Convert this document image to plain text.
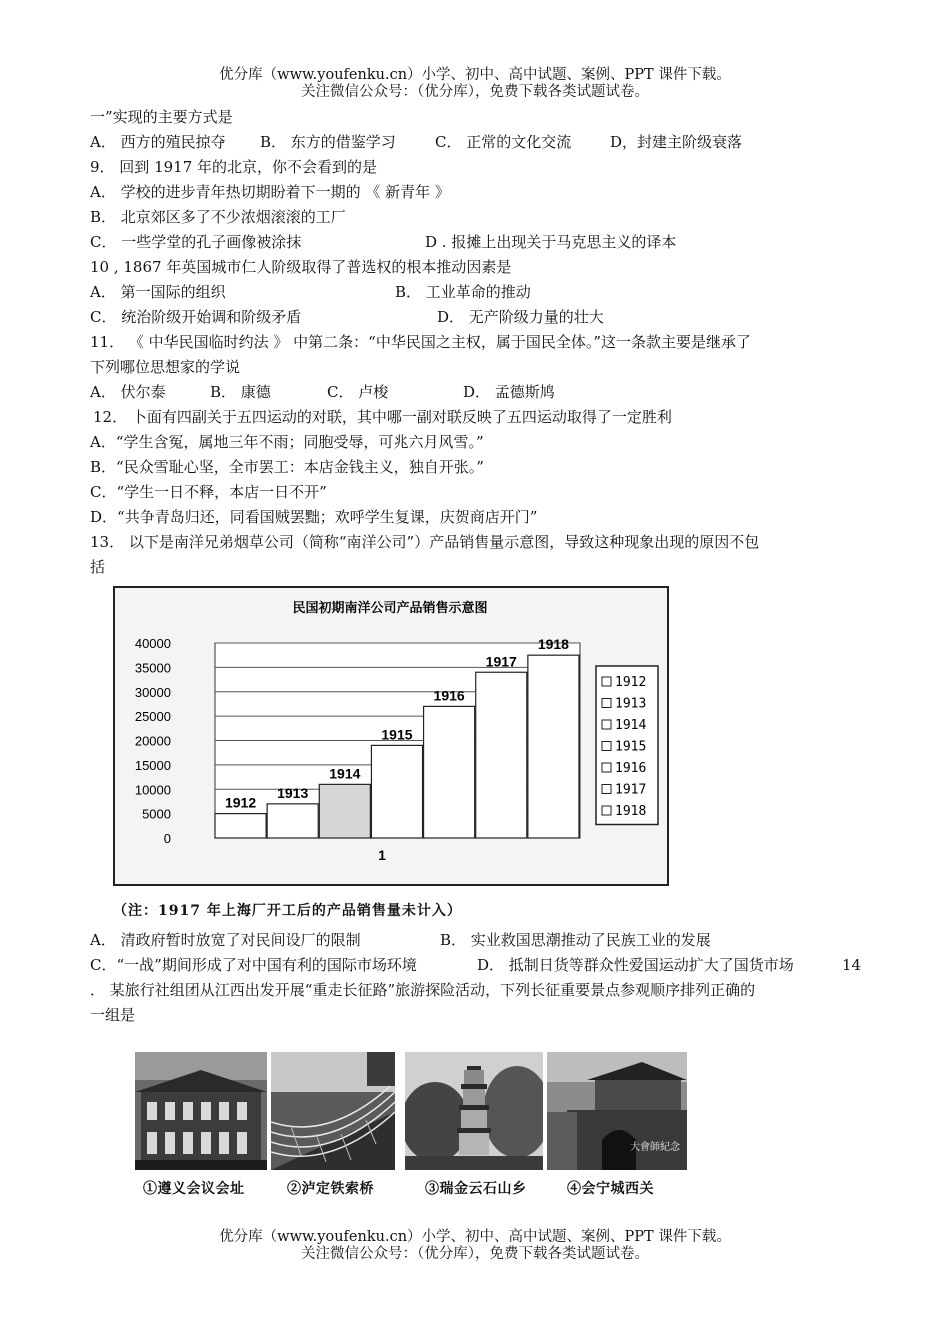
优分库（www.youfenku.cn）小学、初中、高中试题、案例、PPT 课件下载。
关注微信公众号：（优分库），免费下载各类试题试卷。
一”实现的主要方式是
A． 西方的殖民掠夺 B． 东方的借鉴学习	C． 正常的文化交流	D，封建主阶级衰落
9． 回到 1917 年的北京，你不会看到的是
A． 学校的进步青年热切期盼着下一期的 《 新青年 》
B． 北京郊区多了不少浓烟滚滚的工厂
C． 一些学堂的孔子画像被涂抹	D . 报摊上出现关于马克思主义的译本
10 , 1867 年英国城市仁人阶级取得了普选权的根本推动因素是
A． 第一国际的组织	B． 工业革命的推动
C． 统治阶级开始调和阶级矛盾	D． 无产阶级力量的壮大
11． 《 中华民国临时约法 》 中第二条：“中华民国之主权，属于国民全体。”这一条款主要是继承了
下列哪位思想家的学说
A． 伏尔泰	B． 康德	C． 卢梭	D． 孟德斯鸠
12． 卜面有四副关于五四运动的对联，其中哪一副对联反映了五四运动取得了一定胜利
A．“学生含冤，属地三年不雨；同胞受辱，可兆六月风雪。”
B．“民众雪耻心坚，全市罢工：本店金钱主义，独自开张。”
C．“学生一日不释，本店一日不开”
D．“共争青岛归还，同看国贼罢黜；欢呼学生复课，庆贺商店开门”
13． 以下是南洋兄弟烟草公司（简称“南洋公司”）产品销售量示意图，导致这种现象出现的原因不包
括
民国初期南洋公司产品销售示意图
0
5000
10000
15000
20000
25000
30000
35000
40000
1912
1913
1914
1915
1916
1917
1918
1
1912
1913
1914
1915
1916
1917
1918
（注：1917 年上海厂开工后的产品销售量未计入）
A． 清政府暂时放宽了对民间设厂的限制	B． 实业救国思潮推动了民族工业的发展
C．“一战”期间形成了对中国有利的国际市场环境	D． 抵制日货等群众性爱国运动扩大了国货市场	14
． 某旅行社组团从江西出发开展“重走长征路”旅游探险活动，下列长征重要景点参观顺序排列正确的
一组是
大會師紀念
①遵义会议会址	②泸定铁索桥	③瑞金云石山乡	④会宁城西关
优分库（www.youfenku.cn）小学、初中、高中试题、案例、PPT 课件下载。
关注微信公众号：（优分库），免费下载各类试题试卷。
